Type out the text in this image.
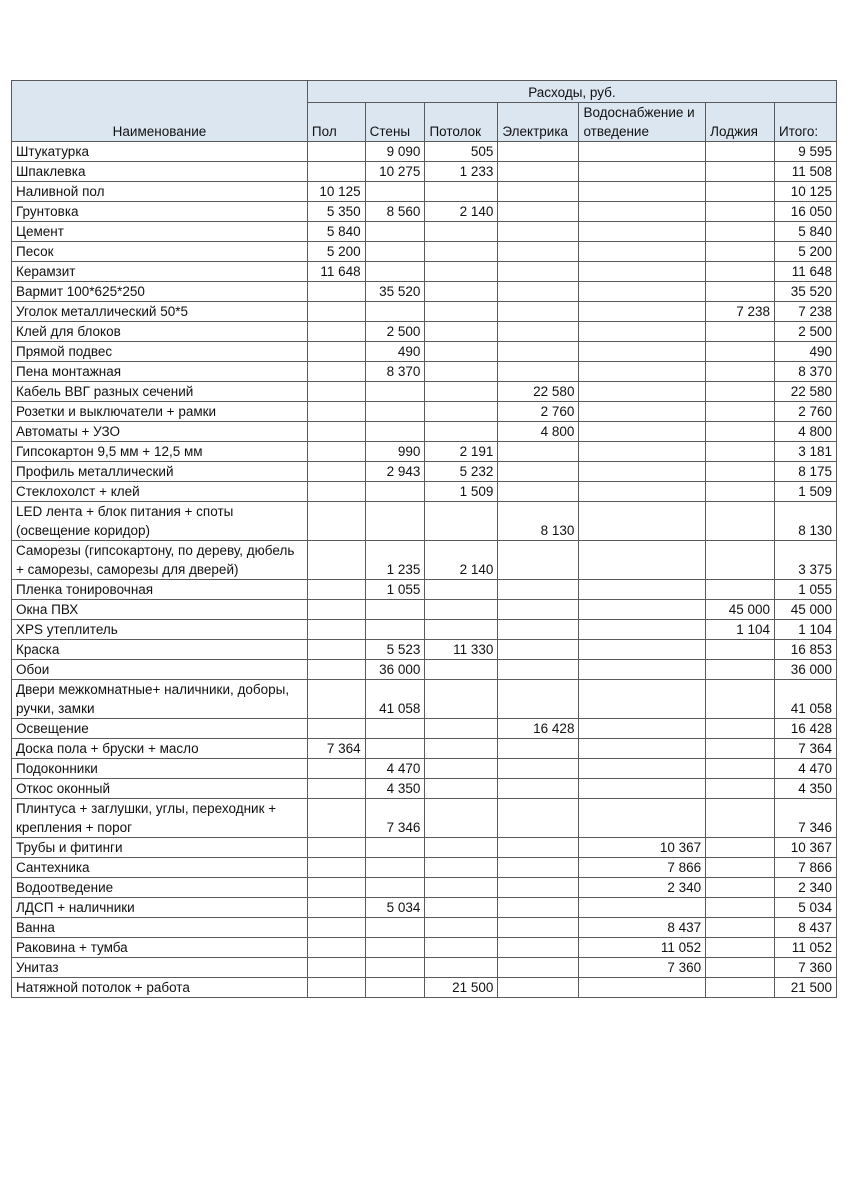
Наименование	Расходы, руб.						
	Пол	Стены	Потолок	Электрика	Водоснабжение и отведение	Лоджия	Итого:
Штукатурка		9 090	505				9 595
Шпаклевка		10 275	1 233				11 508
Наливной пол	10 125						10 125
Грунтовка	5 350	8 560	2 140				16 050
Цемент	5 840						5 840
Песок	5 200						5 200
Керамзит	11 648						11 648
Вармит 100*625*250		35 520					35 520
Уголок металлический 50*5						7 238	7 238
Клей для блоков		2 500					2 500
Прямой подвес		490					490
Пена монтажная		8 370					8 370
Кабель ВВГ разных сечений				22 580			22 580
Розетки и выключатели + рамки				2 760			2 760
Автоматы + УЗО				4 800			4 800
Гипсокартон 9,5 мм + 12,5 мм		990	2 191				3 181
Профиль металлический		2 943	5 232				8 175
Стеклохолст + клей			1 509				1 509
LED лента + блок питания + споты (освещение коридор)				8 130			8 130
Саморезы (гипсокартону, по дереву, дюбель + саморезы, саморезы для дверей)		1 235	2 140				3 375
Пленка тонировочная		1 055					1 055
Окна ПВХ						45 000	45 000
XPS утеплитель						1 104	1 104
Краска		5 523	11 330				16 853
Обои		36 000					36 000
Двери межкомнатные+ наличники, доборы, ручки, замки		41 058					41 058
Освещение				16 428			16 428
Доска пола + бруски + масло	7 364						7 364
Подоконники		4 470					4 470
Откос оконный		4 350					4 350
Плинтуса + заглушки, углы, переходник + крепления + порог		7 346					7 346
Трубы и фитинги					10 367		10 367
Сантехника					7 866		7 866
Водоотведение					2 340		2 340
ЛДСП + наличники		5 034					5 034
Ванна					8 437		8 437
Раковина + тумба					11 052		11 052
Унитаз					7 360		7 360
Натяжной потолок + работа			21 500				21 500
